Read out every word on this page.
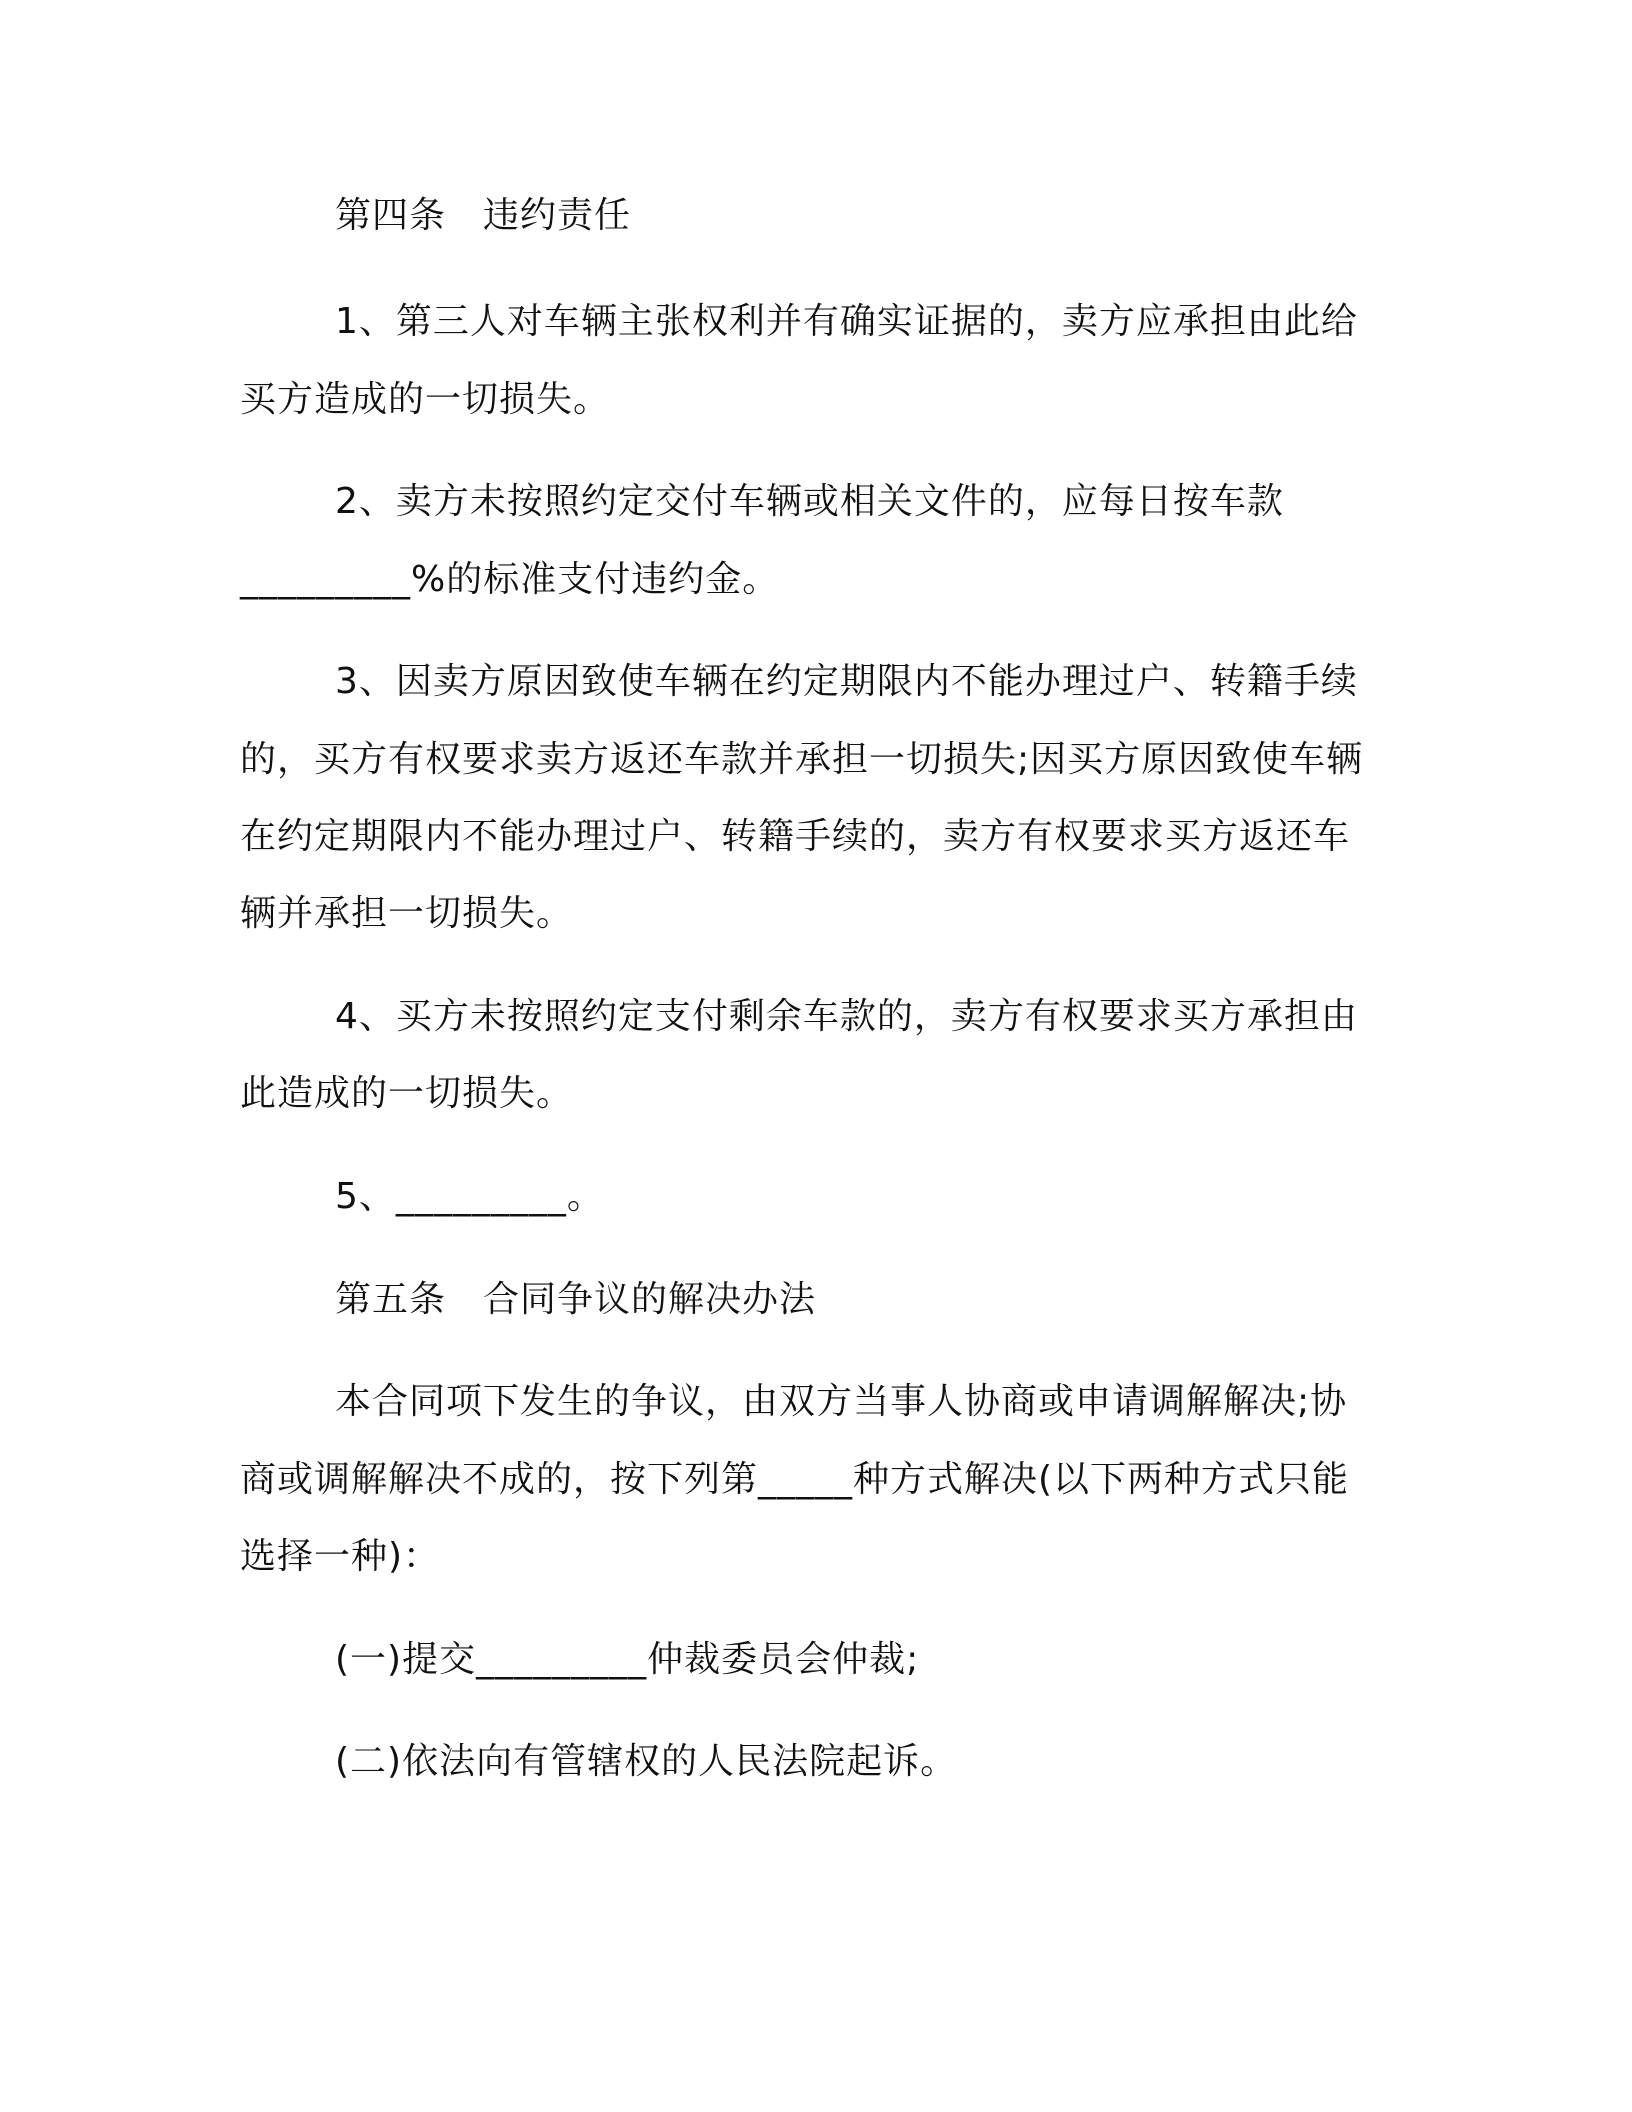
第四条　违约责任

1、第三人对车辆主张权利并有确实证据的，卖方应承担由此给

买方造成的一切损失。

2、卖方未按照约定交付车辆或相关文件的，应每日按车款

_________%的标准支付违约金。

3、因卖方原因致使车辆在约定期限内不能办理过户、转籍手续

的，买方有权要求卖方返还车款并承担一切损失;因买方原因致使车辆

在约定期限内不能办理过户、转籍手续的，卖方有权要求买方返还车

辆并承担一切损失。

4、买方未按照约定支付剩余车款的，卖方有权要求买方承担由

此造成的一切损失。

5、_________。

第五条　合同争议的解决办法

本合同项下发生的争议，由双方当事人协商或申请调解解决;协

商或调解解决不成的，按下列第_____种方式解决(以下两种方式只能

选择一种)：

(一)提交_________仲裁委员会仲裁;

(二)依法向有管辖权的人民法院起诉。
